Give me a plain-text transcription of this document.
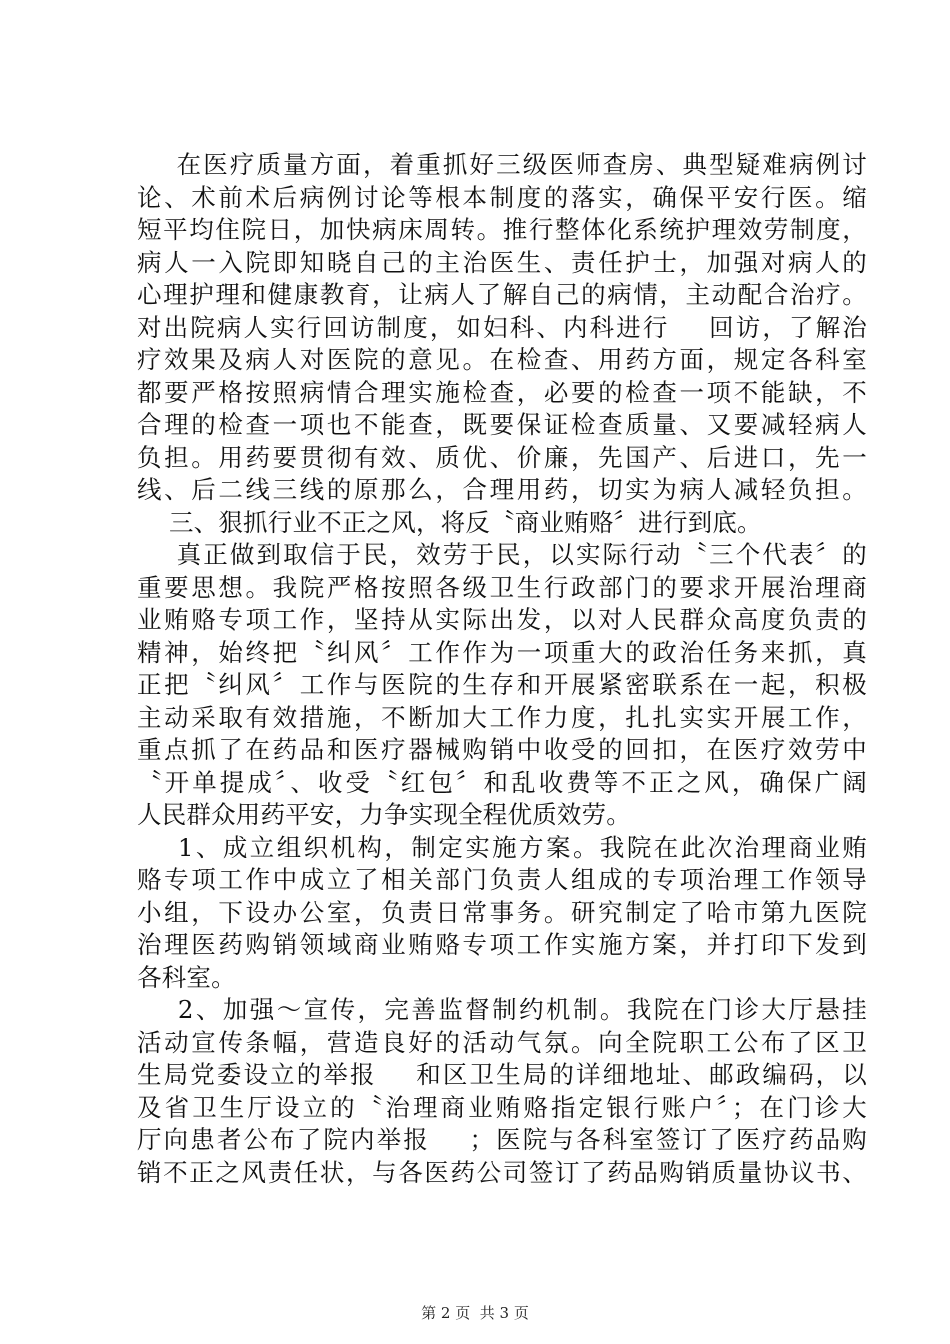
在医疗质量方面，着重抓好三级医师查房、典型疑难病例讨
论、术前术后病例讨论等根本制度的落实，确保平安行医。缩
短平均住院日，加快病床周转。推行整体化系统护理效劳制度，
病人一入院即知晓自己的主治医生、责任护士，加强对病人的
心理护理和健康教育，让病人了解自己的病情，主动配合治疗。
对出院病人实行回访制度，如妇科、内科进行    回访，了解治
疗效果及病人对医院的意见。在检查、用药方面，规定各科室
都要严格按照病情合理实施检查，必要的检查一项不能缺，不
合理的检查一项也不能查，既要保证检查质量、又要减轻病人
负担。用药要贯彻有效、质优、价廉，先国产、后进口，先一
线、后二线三线的原那么，合理用药，切实为病人减轻负担。
三、狠抓行业不正之风，将反〝商业贿赂〞进行到底。
真正做到取信于民，效劳于民，以实际行动〝三个代表〞的
重要思想。我院严格按照各级卫生行政部门的要求开展治理商
业贿赂专项工作，坚持从实际出发，以对人民群众高度负责的
精神，始终把〝纠风〞工作作为一项重大的政治任务来抓，真
正把〝纠风〞工作与医院的生存和开展紧密联系在一起，积极
主动采取有效措施，不断加大工作力度，扎扎实实开展工作，
重点抓了在药品和医疗器械购销中收受的回扣，在医疗效劳中
〝开单提成〞、收受〝红包〞和乱收费等不正之风，确保广阔
人民群众用药平安，力争实现全程优质效劳。
1、成立组织机构，制定实施方案。我院在此次治理商业贿
赂专项工作中成立了相关部门负责人组成的专项治理工作领导
小组，下设办公室，负责日常事务。研究制定了哈市第九医院
治理医药购销领域商业贿赂专项工作实施方案，并打印下发到
各科室。
2、加强～宣传，完善监督制约机制。我院在门诊大厅悬挂
活动宣传条幅，营造良好的活动气氛。向全院职工公布了区卫
生局党委设立的举报    和区卫生局的详细地址、邮政编码，以
及省卫生厅设立的〝治理商业贿赂指定银行账户〞；在门诊大
厅向患者公布了院内举报    ；医院与各科室签订了医疗药品购
销不正之风责任状，与各医药公司签订了药品购销质量协议书、
第 2 页  共 3 页
